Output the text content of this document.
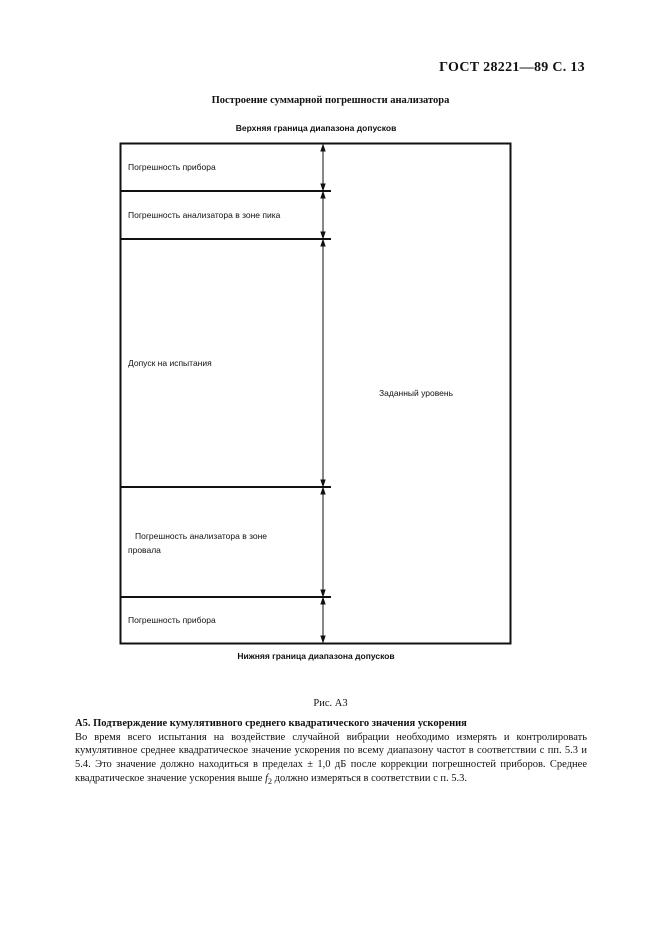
ГОСТ 28221—89 С. 13
Построение суммарной погрешности анализатора
Верхняя граница диапазона допусков
Погрешность прибора
Погрешность анализатора в зоне пика
Допуск на испытания
Погрешность анализатора в зоне
провала
Погрешность прибора
Заданный уровень
Нижняя граница диапазона допусков
Рис. А3
А5. Подтверждение кумулятивного среднего квадратического значения ускорения
Во время всего испытания на воздействие случайной вибрации необходимо измерять и контролировать кумулятивное среднее квадратическое значение ускорения по всему диапазону частот в соответствии с пп. 5.3 и 5.4. Это значение должно находиться в пределах ± 1,0 дБ после коррекции погрешностей приборов. Среднее квадратическое значение ускорения выше $f_2$ должно измеряться в соответствии с п. 5.3.
